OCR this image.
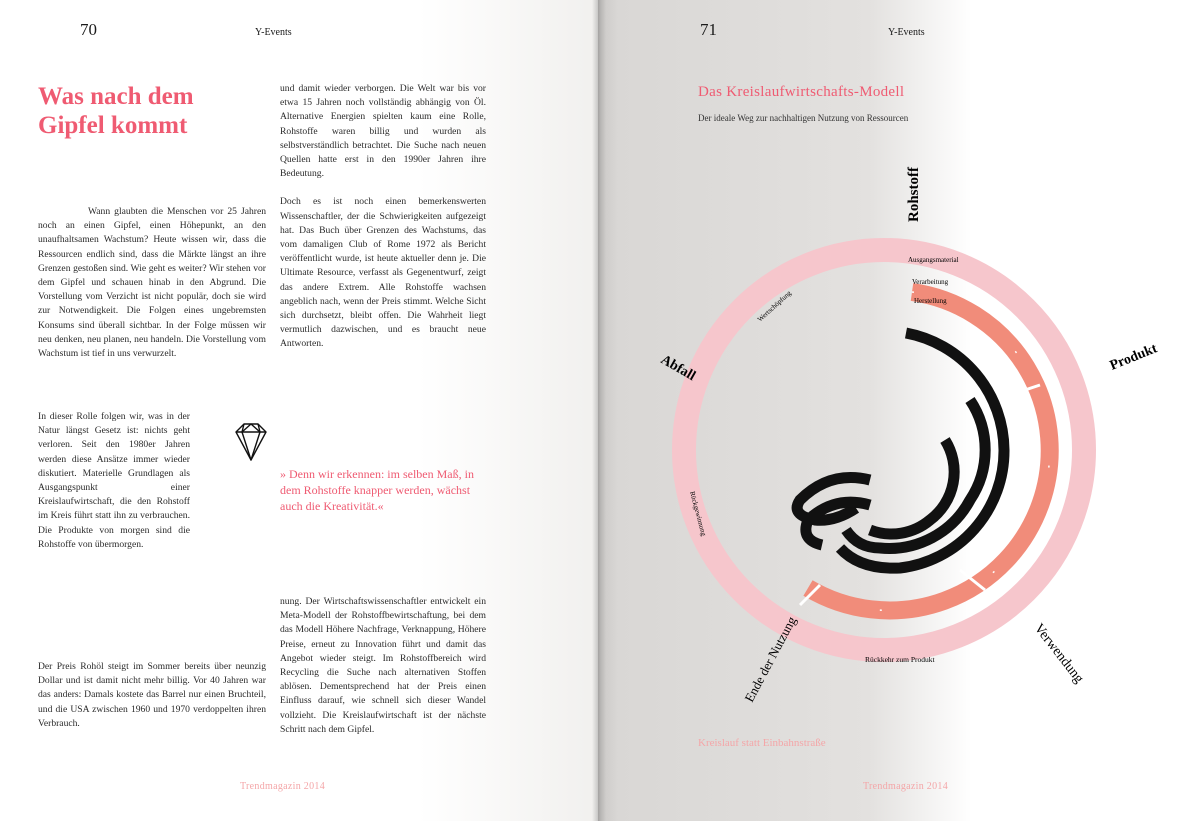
70	Y-Events
Was nach dem Gipfel kommt

Wann glaubten die Menschen vor 25 Jahren noch an einen Gipfel, einen Höhepunkt, an den unaufhaltsamen Wachstum? Heute wissen wir, dass die Ressourcen endlich sind, dass die Märkte längst an ihre Grenzen gestoßen sind. Wie geht es weiter? Wir stehen vor dem Gipfel und schauen hinab in den Abgrund. Die Vorstellung vom Verzicht ist nicht populär, doch sie wird zur Notwendigkeit. Die Folgen eines ungebremsten Konsums sind überall sichtbar. In der Folge müssen wir neu denken, neu planen, neu handeln. Die Vorstellung vom Wachstum ist tief in uns verwurzelt.

In dieser Rolle folgen wir, was in der Natur längst Gesetz ist: nichts geht verloren. Seit den 1980er Jahren werden diese Ansätze immer wieder diskutiert. Materielle Grundlagen als Ausgangspunkt einer Kreislaufwirtschaft, die den Rohstoff im Kreis führt statt ihn zu verbrauchen. Die Produkte von morgen sind die Rohstoffe von übermorgen.

Der Preis Rohöl steigt im Sommer bereits über neunzig Dollar und ist damit nicht mehr billig. Vor 40 Jahren war das anders: Damals kostete das Barrel nur einen Bruchteil, und die USA zwischen 1960 und 1970 verdoppelten ihren Verbrauch.

und damit wieder verborgen. Die Welt war bis vor etwa 15 Jahren noch vollständig abhängig von Öl. Alternative Energien spielten kaum eine Rolle, Rohstoffe waren billig und wurden als selbstverständlich betrachtet. Die Suche nach neuen Quellen hatte erst in den 1990er Jahren ihre Bedeutung.

Doch es ist noch einen bemerkenswerten Wissenschaftler, der die Schwierigkeiten aufgezeigt hat. Das Buch über Grenzen des Wachstums, das vom damaligen Club of Rome 1972 als Bericht veröffentlicht wurde, ist heute aktueller denn je. Die Ultimate Resource, verfasst als Gegenentwurf, zeigt das andere Extrem. Alle Rohstoffe wachsen angeblich nach, wenn der Preis stimmt. Welche Sicht sich durchsetzt, bleibt offen. Die Wahrheit liegt vermutlich dazwischen, und es braucht neue Antworten.

» Denn wir erkennen: im selben Maß, in dem Rohstoffe knapper werden, wächst auch die Kreativität.«

nung. Der Wirtschaftswissenschaftler entwickelt ein Meta-Modell der Rohstoffbewirtschaftung, bei dem das Modell Höhere Nachfrage, Verknappung, Höhere Preise, erneut zu Innovation führt und damit das Angebot wieder steigt. Im Rohstoffbereich wird Recycling die Suche nach alternativen Stoffen ablösen. Dementsprechend hat der Preis einen Einfluss darauf, wie schnell sich dieser Wandel vollzieht. Die Kreislaufwirtschaft ist der nächste Schritt nach dem Gipfel.

Trendmagazin 2014
71	Y-Events
Das Kreislaufwirtschafts-Modell
Der ideale Weg zur nachhaltigen Nutzung von Ressourcen
Rohstoff
Produkt
Abfall
Verwendung
Ende der Nutzung
Ausgangsmaterial
Verarbeitung
Herstellung
Wertschöpfung
Rückkehr zum Produkt
Rückgewinnung
Kreislauf statt Einbahnstraße
Trendmagazin 2014
